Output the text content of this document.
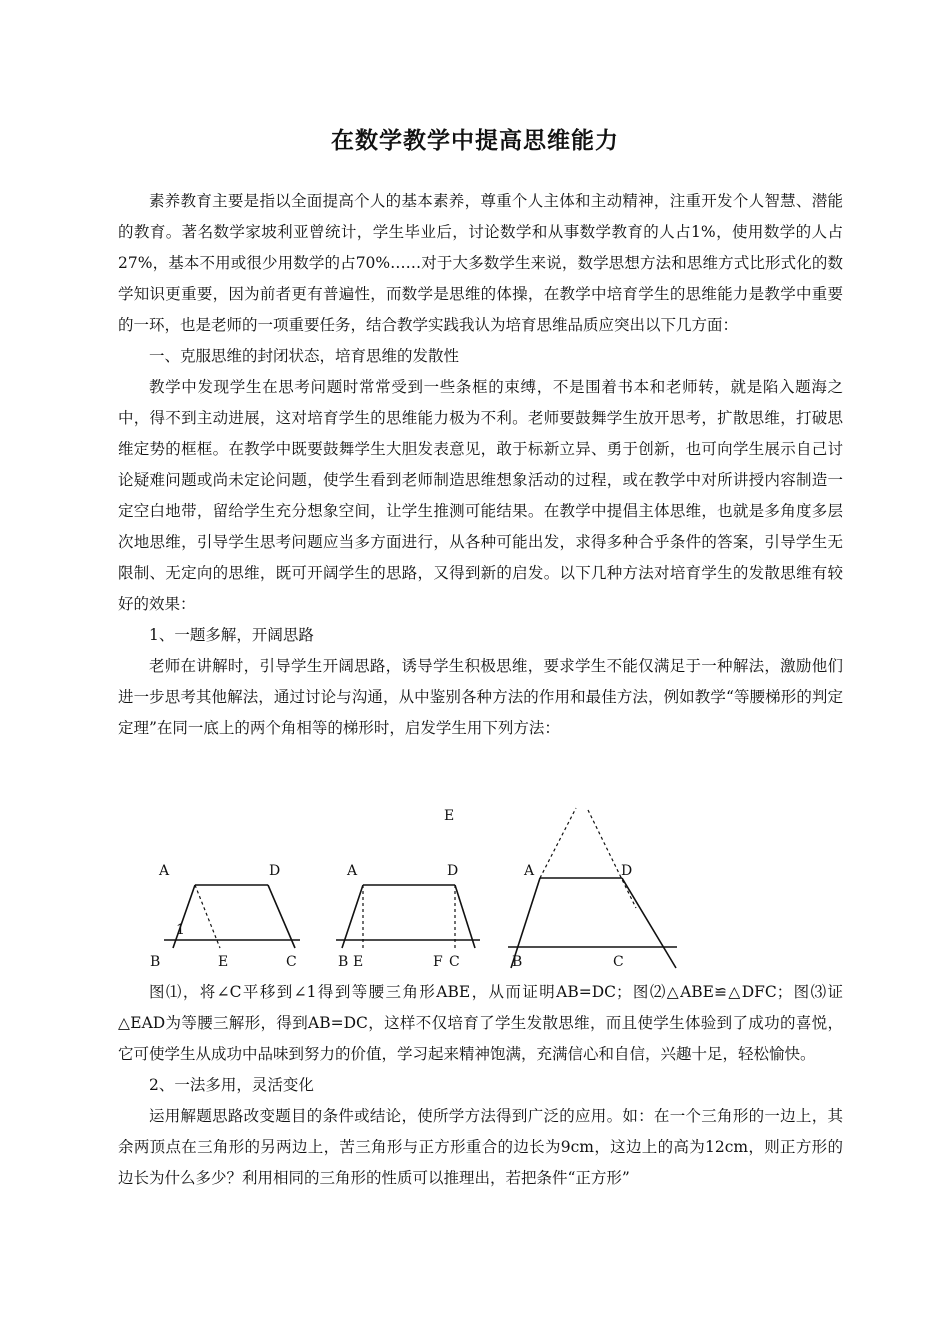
在数学教学中提高思维能力

素养教育主要是指以全面提高个人的基本素养，尊重个人主体和主动精神，注重开发个人智慧、潜能的教育。著名数学家坡利亚曾统计，学生毕业后，讨论数学和从事数学教育的人占1%，使用数学的人占27%，基本不用或很少用数学的占70%……对于大多数学生来说，数学思想方法和思维方式比形式化的数学知识更重要，因为前者更有普遍性，而数学是思维的体操，在教学中培育学生的思维能力是教学中重要的一环，也是老师的一项重要任务，结合教学实践我认为培育思维品质应突出以下几方面：

一、克服思维的封闭状态，培育思维的发散性

教学中发现学生在思考问题时常常受到一些条框的束缚，不是围着书本和老师转，就是陷入题海之中，得不到主动进展，这对培育学生的思维能力极为不利。老师要鼓舞学生放开思考，扩散思维，打破思维定势的框框。在教学中既要鼓舞学生大胆发表意见，敢于标新立异、勇于创新，也可向学生展示自己讨论疑难问题或尚未定论问题，使学生看到老师制造思维想象活动的过程，或在教学中对所讲授内容制造一定空白地带，留给学生充分想象空间，让学生推测可能结果。在教学中提倡主体思维，也就是多角度多层次地思维，引导学生思考问题应当多方面进行，从各种可能出发，求得多种合乎条件的答案，引导学生无限制、无定向的思维，既可开阔学生的思路，又得到新的启发。以下几种方法对培育学生的发散思维有较好的效果：

1、一题多解，开阔思路

老师在讲解时，引导学生开阔思路，诱导学生积极思维，要求学生不能仅满足于一种解法，激励他们进一步思考其他解法，通过讨论与沟通，从中鉴别各种方法的作用和最佳方法，例如教学“等腰梯形的判定定理”在同一底上的两个角相等的梯形时，启发学生用下列方法：

A	D
1
B	E	C
A	D
B E	F C
E
A	D
B	C

图⑴，将∠C平移到∠1得到等腰三角形ABE，从而证明AB=DC；图⑵△ABE≌△DFC；图⑶证△EAD为等腰三解形，得到AB=DC，这样不仅培育了学生发散思维，而且使学生体验到了成功的喜悦，它可使学生从成功中品味到努力的价值，学习起来精神饱满，充满信心和自信，兴趣十足，轻松愉快。

2、一法多用，灵活变化

运用解题思路改变题目的条件或结论，使所学方法得到广泛的应用。如：在一个三角形的一边上，其余两顶点在三角形的另两边上，苦三角形与正方形重合的边长为9cm，这边上的高为12cm，则正方形的边长为什么多少？利用相同的三角形的性质可以推理出，若把条件“正方形”
